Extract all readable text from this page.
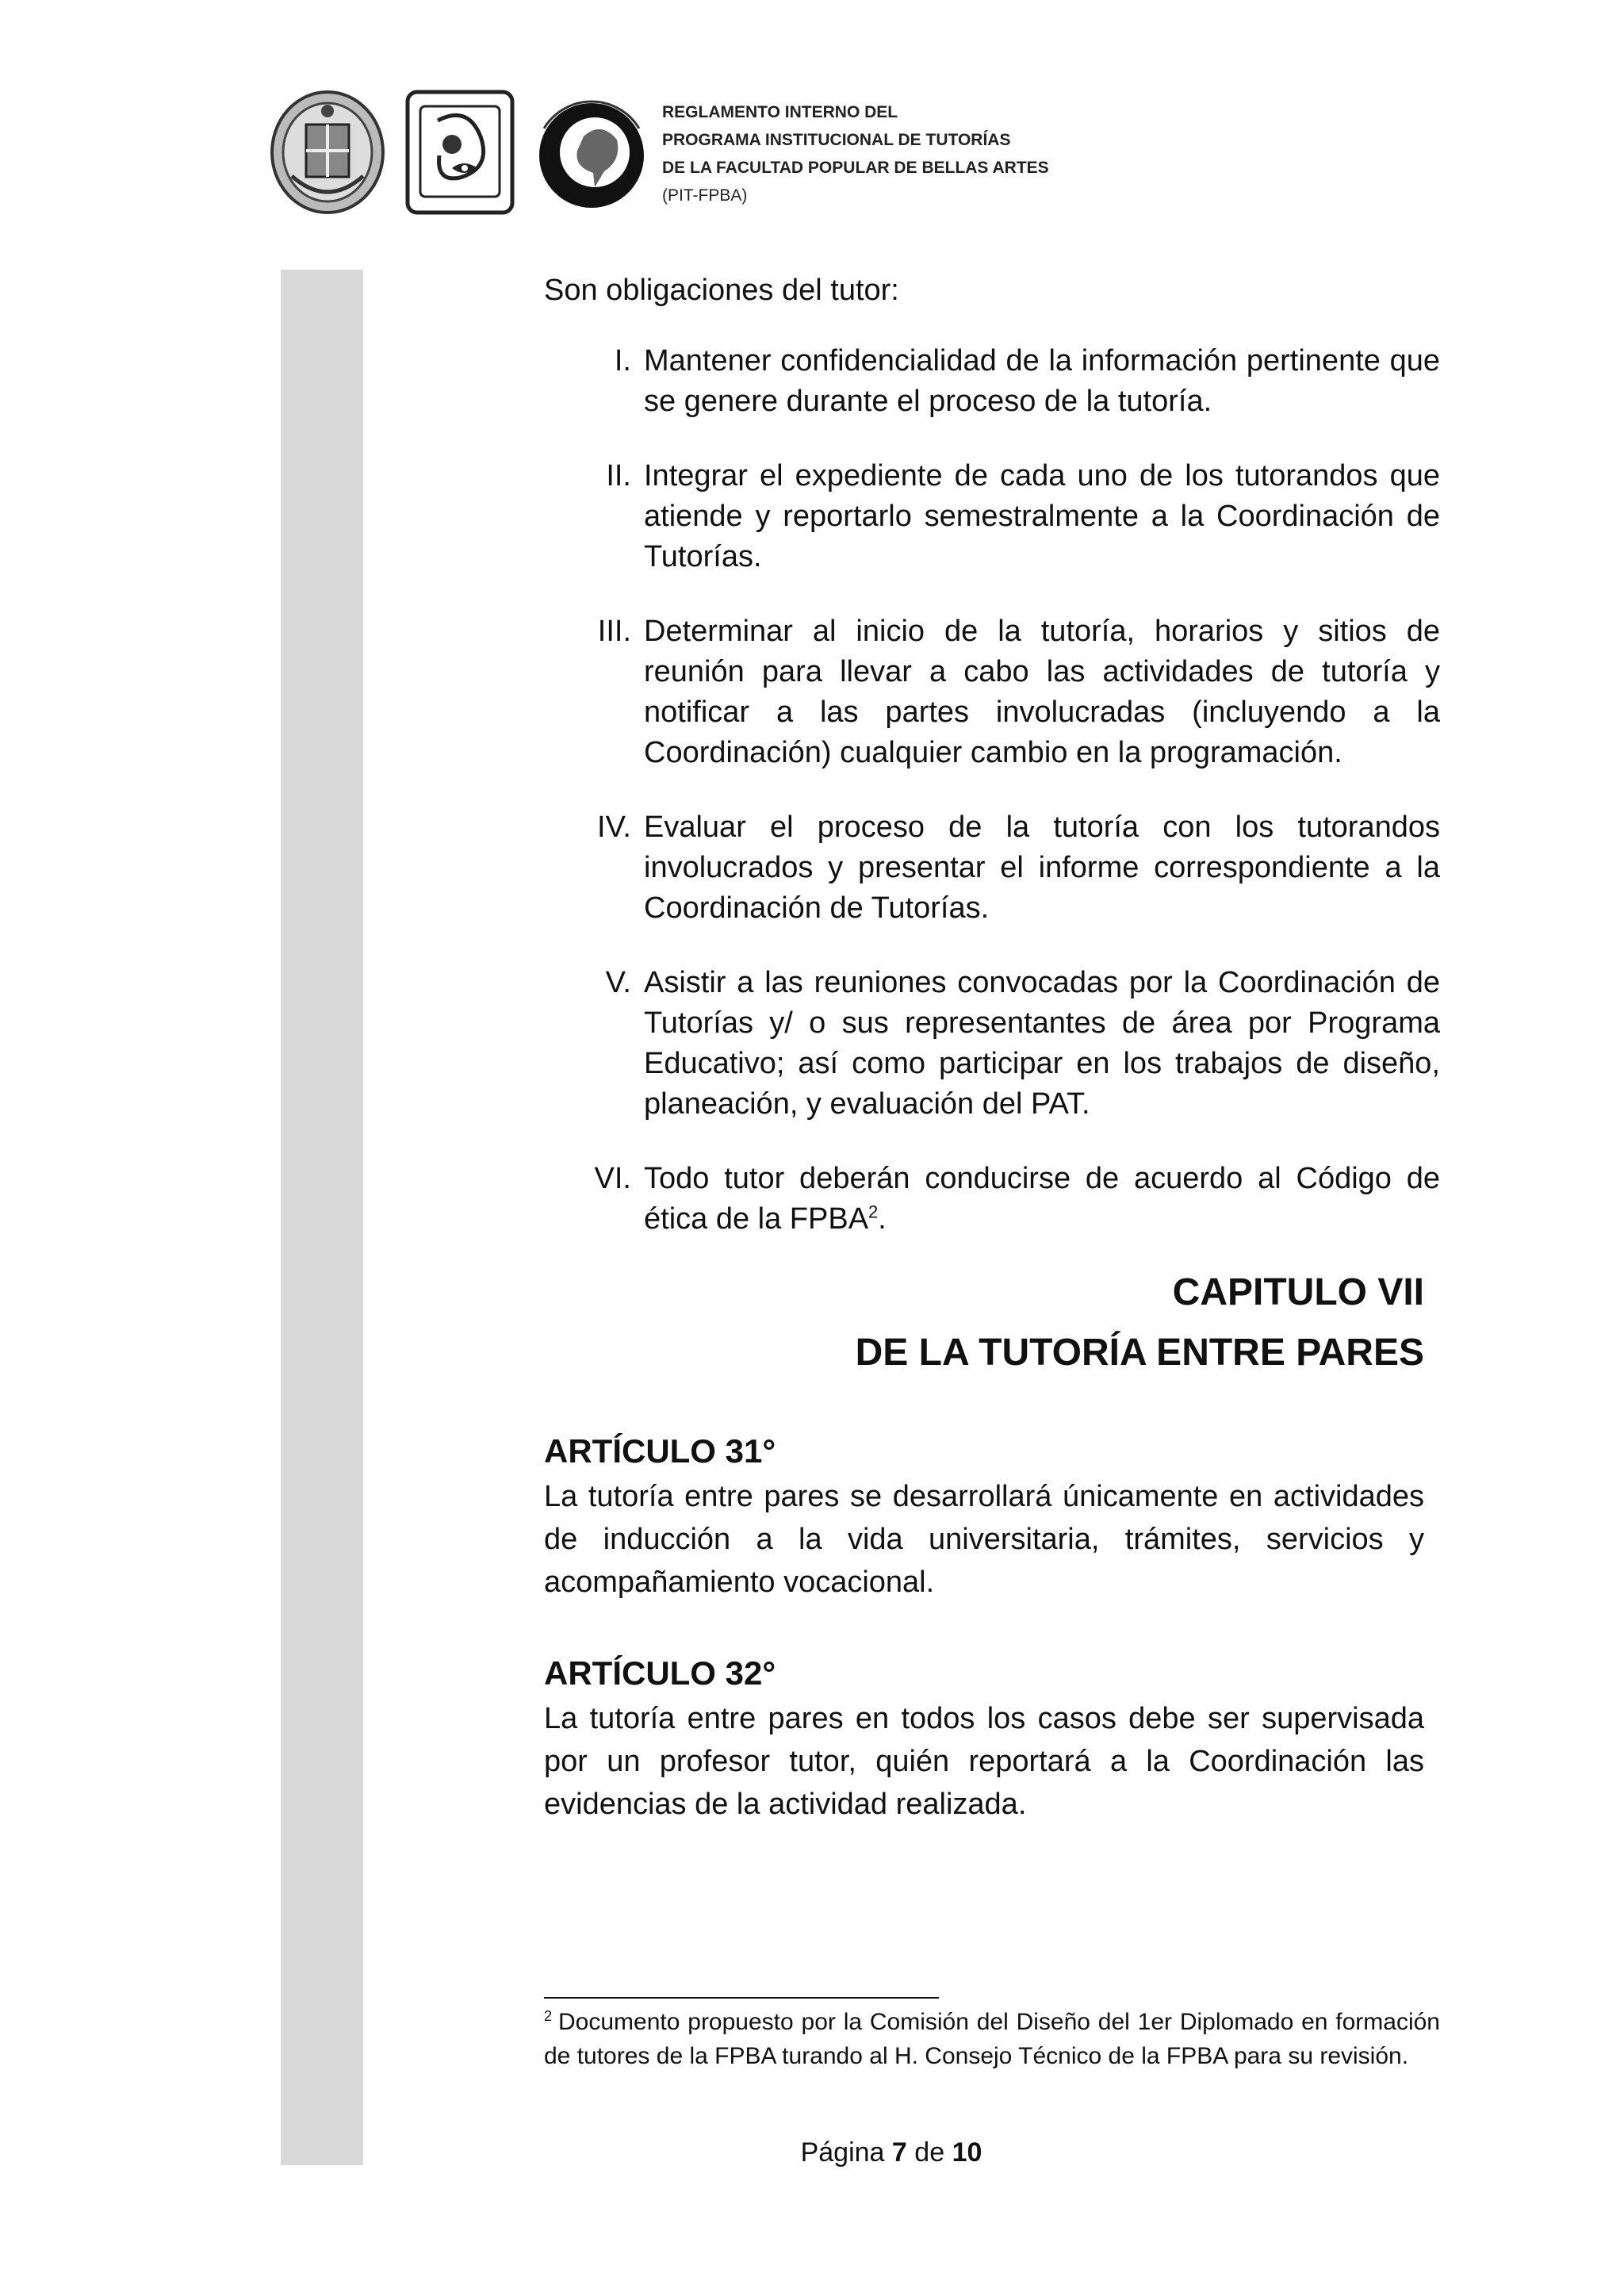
REGLAMENTO INTERNO DEL
PROGRAMA INSTITUCIONAL DE TUTORÍAS
DE LA FACULTAD POPULAR DE BELLAS ARTES
(PIT-FPBA)
Son obligaciones del tutor:
I. Mantener confidencialidad de la información pertinente que se genere durante el proceso de la tutoría.
II. Integrar el expediente de cada uno de los tutorandos que atiende y reportarlo semestralmente a la Coordinación de Tutorías.
III. Determinar al inicio de la tutoría, horarios y sitios de reunión para llevar a cabo las actividades de tutoría y notificar a las partes involucradas (incluyendo a la Coordinación) cualquier cambio en la programación.
IV. Evaluar el proceso de la tutoría con los tutorandos involucrados y presentar el informe correspondiente a la Coordinación de Tutorías.
V. Asistir a las reuniones convocadas por la Coordinación de Tutorías y/ o sus representantes de área por Programa Educativo; así como participar en los trabajos de diseño, planeación, y evaluación del PAT.
VI. Todo tutor deberán conducirse de acuerdo al Código de ética de la FPBA$^2$.
CAPITULO VII
DE LA TUTORÍA ENTRE PARES

ARTÍCULO 31°

La tutoría entre pares se desarrollará únicamente en actividades de inducción a la vida universitaria, trámites, servicios y acompañamiento vocacional.

ARTÍCULO 32°

La tutoría entre pares en todos los casos debe ser supervisada por un profesor tutor, quién reportará a la Coordinación las evidencias de la actividad realizada.

$^2$ Documento propuesto por la Comisión del Diseño del 1er Diplomado en formación de tutores de la FPBA turando al H. Consejo Técnico de la FPBA para su revisión.
Página 7 de 10
